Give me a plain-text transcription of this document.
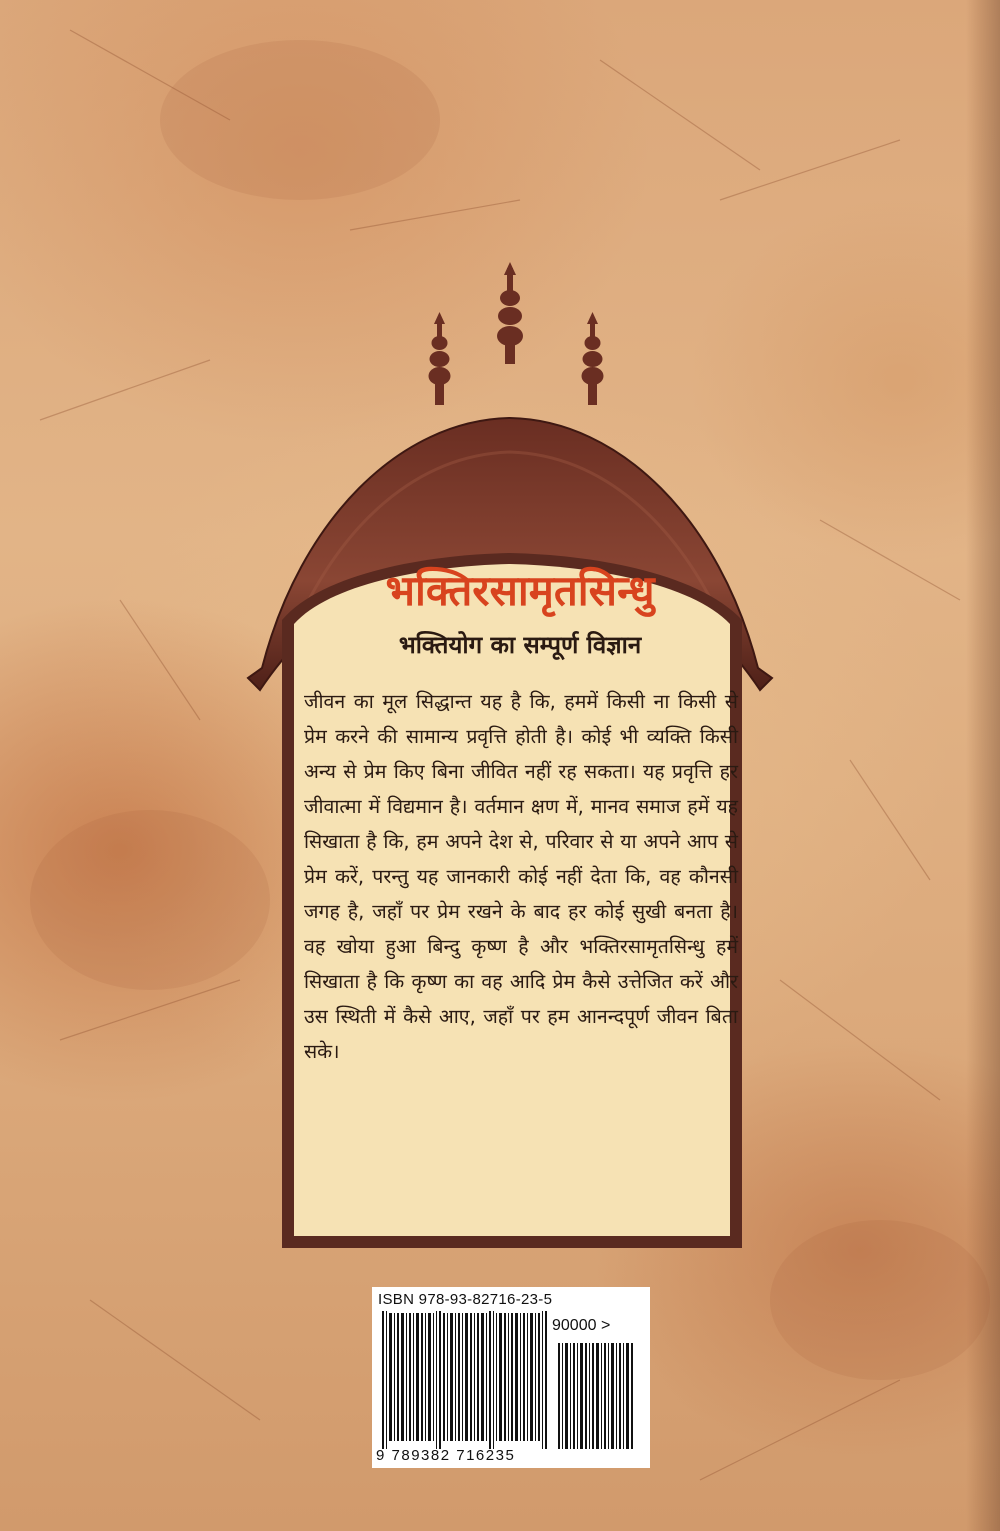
भक्तिरसामृतसिन्धु
भक्तियोग का सम्पूर्ण विज्ञान
जीवन का मूल सिद्धान्त यह है कि, हममें किसी ना किसी से प्रेम करने की सामान्य प्रवृत्ति होती है। कोई भी व्यक्ति किसी अन्य से प्रेम किए बिना जीवित नहीं रह सकता। यह प्रवृत्ति हर जीवात्मा में विद्यमान है। वर्तमान क्षण में, मानव समाज हमें यह सिखाता है कि, हम अपने देश से, परिवार से या अपने आप से प्रेम करें, परन्तु यह जानकारी कोई नहीं देता कि, वह कौनसी जगह है, जहाँ पर प्रेम रखने के बाद हर कोई सुखी बनता है। वह खोया हुआ बिन्दु कृष्ण है और भक्तिरसामृतसिन्धु हमें सिखाता है कि कृष्ण का वह आदि प्रेम कैसे उत्तेजित करें और उस स्थिती में कैसे आए, जहाँ पर हम आनन्दपूर्ण जीवन बिता सके।
ISBN 978-93-82716-23-5
90000 >
9 789382 716235
